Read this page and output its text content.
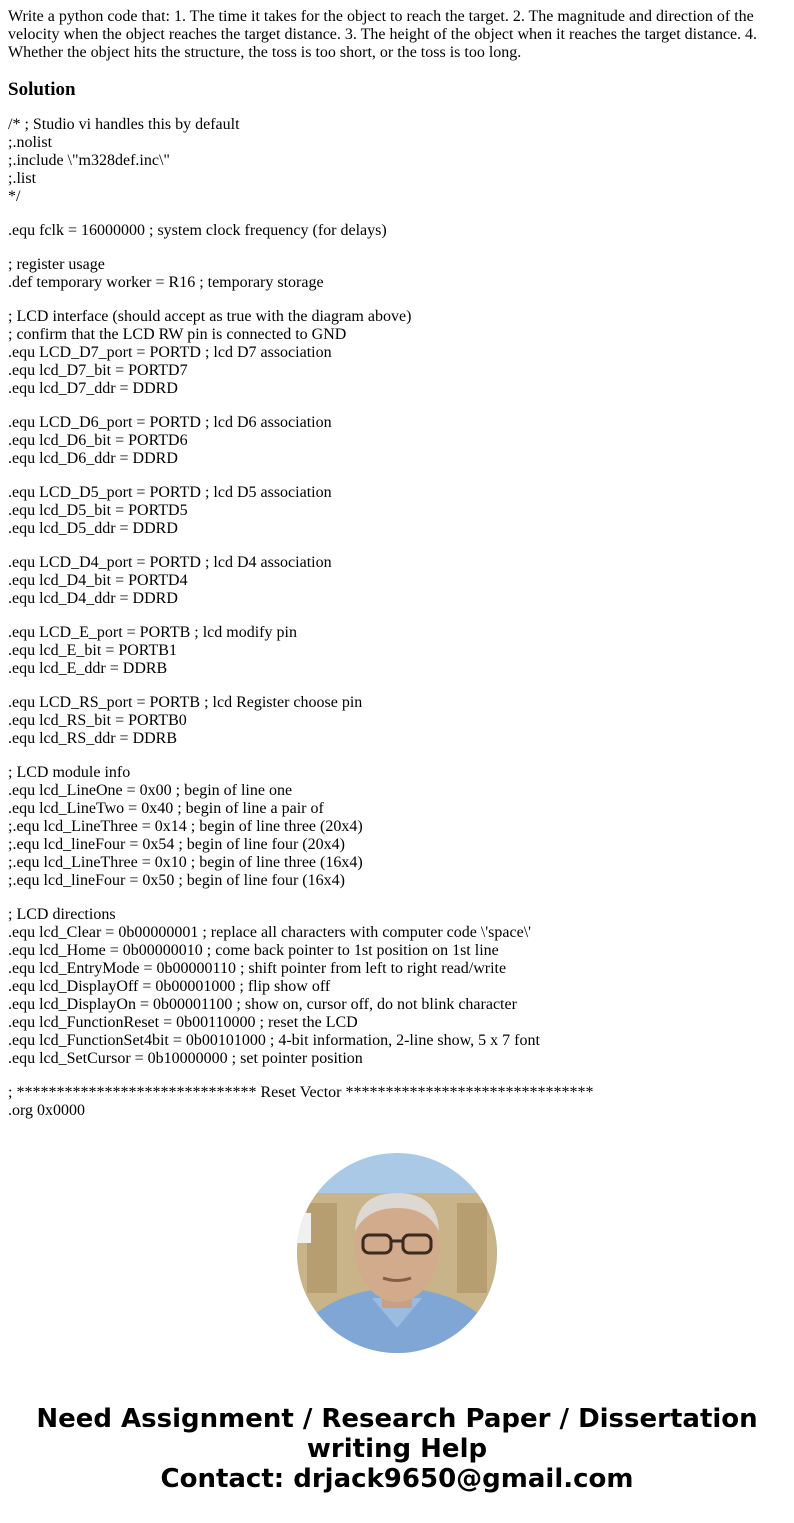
Write a python code that: 1. The time it takes for the object to reach the target. 2. The magnitude and direction of the velocity when the object reaches the target distance. 3. The height of the object when it reaches the target distance. 4. Whether the object hits the structure, the toss is too short, or the toss is too long.

Solution

/* ; Studio vi handles this by default
;.nolist
;.include \"m328def.inc\"
;.list
*/

.equ fclk = 16000000 ; system clock frequency (for delays)

; register usage
.def temporary worker = R16 ; temporary storage

; LCD interface (should accept as true with the diagram above)
; confirm that the LCD RW pin is connected to GND
.equ LCD_D7_port = PORTD ; lcd D7 association
.equ lcd_D7_bit = PORTD7
.equ lcd_D7_ddr = DDRD

.equ LCD_D6_port = PORTD ; lcd D6 association
.equ lcd_D6_bit = PORTD6
.equ lcd_D6_ddr = DDRD

.equ LCD_D5_port = PORTD ; lcd D5 association
.equ lcd_D5_bit = PORTD5
.equ lcd_D5_ddr = DDRD

.equ LCD_D4_port = PORTD ; lcd D4 association
.equ lcd_D4_bit = PORTD4
.equ lcd_D4_ddr = DDRD

.equ LCD_E_port = PORTB ; lcd modify pin
.equ lcd_E_bit = PORTB1
.equ lcd_E_ddr = DDRB

.equ LCD_RS_port = PORTB ; lcd Register choose pin
.equ lcd_RS_bit = PORTB0
.equ lcd_RS_ddr = DDRB

; LCD module info
.equ lcd_LineOne = 0x00 ; begin of line one
.equ lcd_LineTwo = 0x40 ; begin of line a pair of
;.equ lcd_LineThree = 0x14 ; begin of line three (20x4)
;.equ lcd_lineFour = 0x54 ; begin of line four (20x4)
;.equ lcd_LineThree = 0x10 ; begin of line three (16x4)
;.equ lcd_lineFour = 0x50 ; begin of line four (16x4)

; LCD directions
.equ lcd_Clear = 0b00000001 ; replace all characters with computer code \'space\'
.equ lcd_Home = 0b00000010 ; come back pointer to 1st position on 1st line
.equ lcd_EntryMode = 0b00000110 ; shift pointer from left to right read/write
.equ lcd_DisplayOff = 0b00001000 ; flip show off
.equ lcd_DisplayOn = 0b00001100 ; show on, cursor off, do not blink character
.equ lcd_FunctionReset = 0b00110000 ; reset the LCD
.equ lcd_FunctionSet4bit = 0b00101000 ; 4-bit information, 2-line show, 5 x 7 font
.equ lcd_SetCursor = 0b10000000 ; set pointer position

; ****************************** Reset Vector *******************************
.org 0x0000

Need Assignment / Research Paper / Dissertation
writing Help
Contact: drjack9650@gmail.com
